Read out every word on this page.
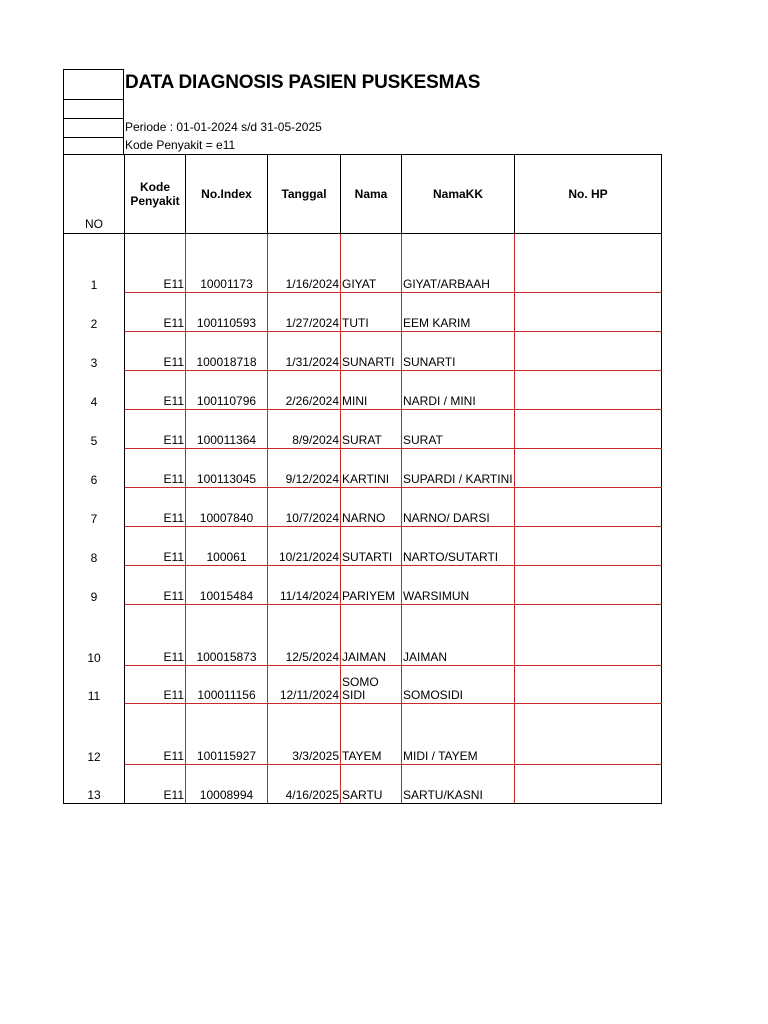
DATA DIAGNOSIS PASIEN PUSKESMAS
Periode : 01-01-2024 s/d 31-05-2025
Kode Penyakit = e11
NO	Kode Penyakit	No.Index	Tanggal	Nama	NamaKK	No. HP
1	E11	10001173	1/16/2024	GIYAT	GIYAT/ARBAAH	
2	E11	100110593	1/27/2024	TUTI	EEM KARIM	
3	E11	100018718	1/31/2024	SUNARTI	SUNARTI	
4	E11	100110796	2/26/2024	MINI	NARDI / MINI	
5	E11	100011364	8/9/2024	SURAT	SURAT	
6	E11	100113045	9/12/2024	KARTINI	SUPARDI / KARTINI	
7	E11	10007840	10/7/2024	NARNO	NARNO/ DARSI	
8	E11	100061	10/21/2024	SUTARTI	NARTO/SUTARTI	
9	E11	10015484	11/14/2024	PARIYEM	WARSIMUN	
10	E11	100015873	12/5/2024	JAIMAN	JAIMAN	
11	E11	100011156	12/11/2024	SOMO SIDI	SOMOSIDI	
12	E11	100115927	3/3/2025	TAYEM	MIDI / TAYEM	
13	E11	10008994	4/16/2025	SARTU	SARTU/KASNI	
